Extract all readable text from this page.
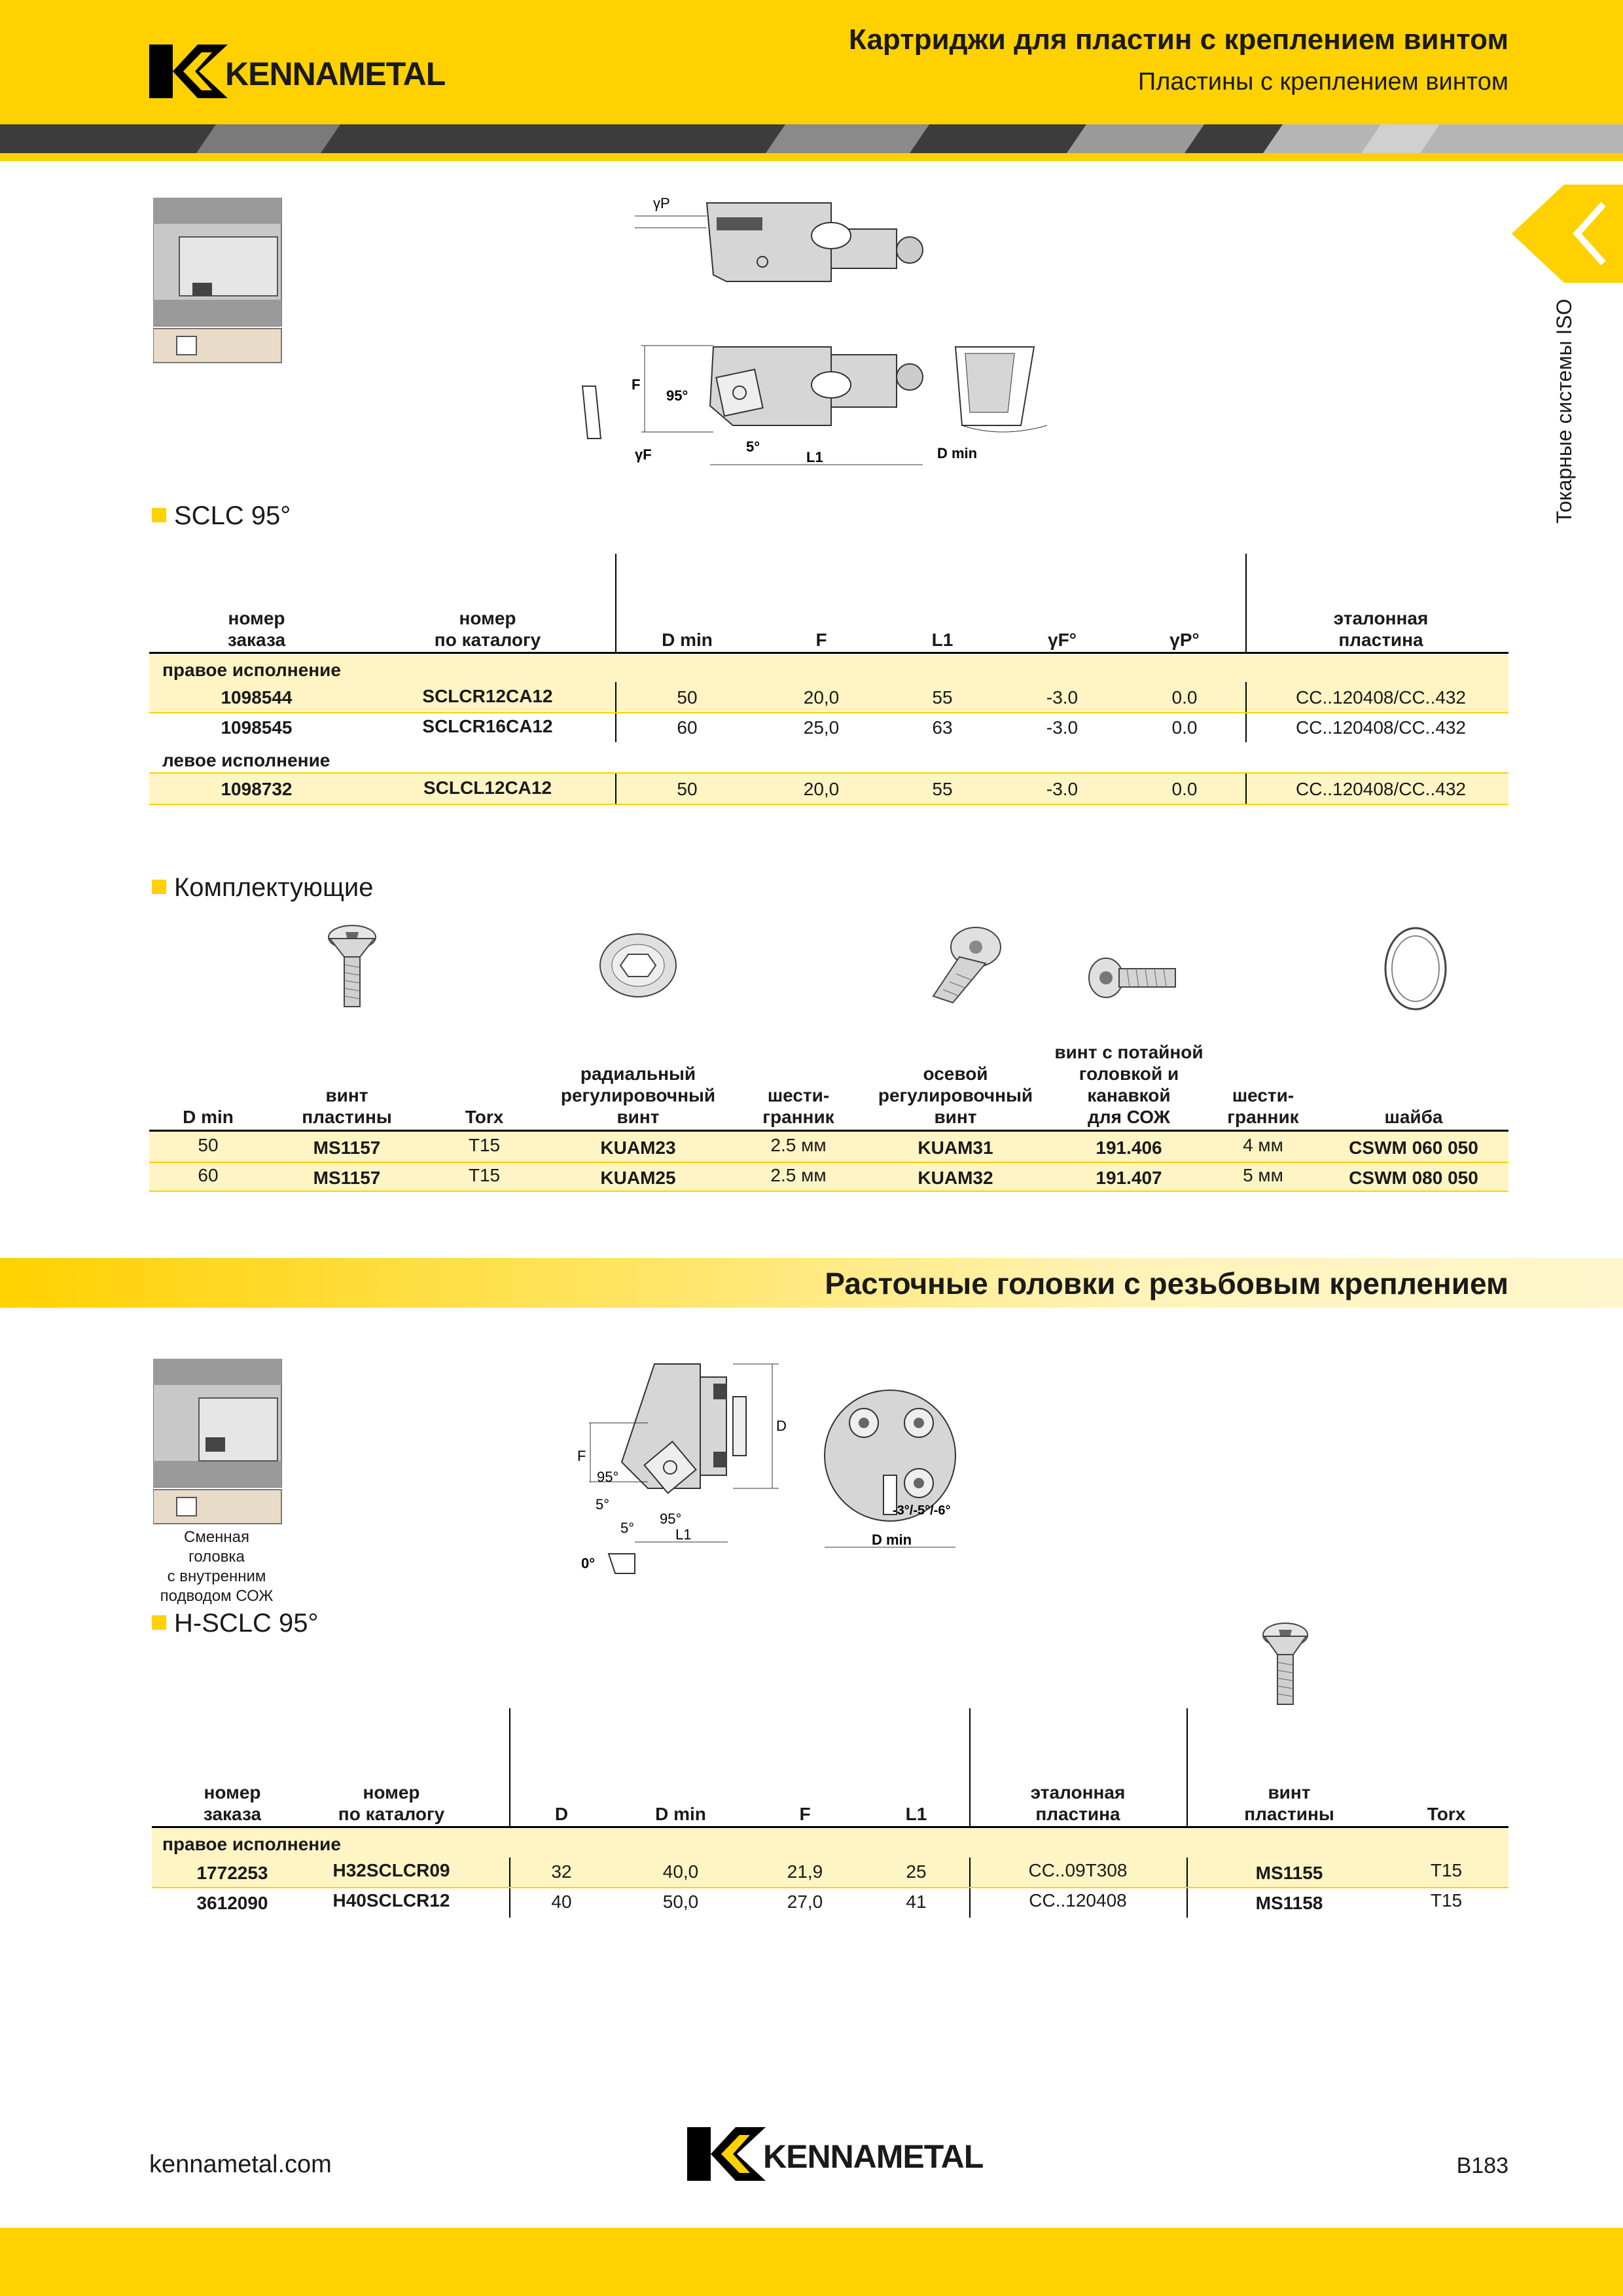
KENNAMETAL
Картриджи для пластин с креплением винтом
Пластины с креплением винтом
Токарные системы ISO
γP
F
95°
γF	5°
L1	D min
SCLC 95°
номер
заказа
номер
по каталогу	D min	F	L1	γF°	γP°
эталонная
пластина
правое исполнение
1098544	SCLCR12CA12	50	20,0	55	-3.0	0.0	CC..120408/CC..432
1098545	SCLCR16CA12	60	25,0	63	-3.0	0.0	CC..120408/CC..432
левое исполнение
1098732	SCLCL12CA12	50	20,0	55	-3.0	0.0	CC..120408/CC..432
Комплектующие
D min
винт
пластины	Torx
радиальный
регулировочный
винт
шести-
гранник
осевой
регулировочный
винт
винт с потайной
головкой и
канавкой
для СОЖ
шести-
гранник	шайба
50	MS1157	T15	KUAM23	2.5 мм	KUAM31	191.406	4 мм	CSWM 060 050
60	MS1157	T15	KUAM25	2.5 мм	KUAM32	191.407	5 мм	CSWM 080 050
Расточные головки с резьбовым креплением
Сменная
головка
с внутренним
подводом СОЖ
D
F
95°
5°
5°
95°
L1
0°
D min
-3°/-5°/-6°
H-SCLC 95°
номер
заказа
номер
по каталогу	D	D min	F	L1
эталонная
пластина
винт
пластины	Torx
правое исполнение
1772253	H32SCLCR09	32	40,0	21,9	25	CC..09T308	MS1155	T15
3612090	H40SCLCR12	40	50,0	27,0	41	CC..120408	MS1158	T15
kennametal.com	KENNAMETAL	B183
